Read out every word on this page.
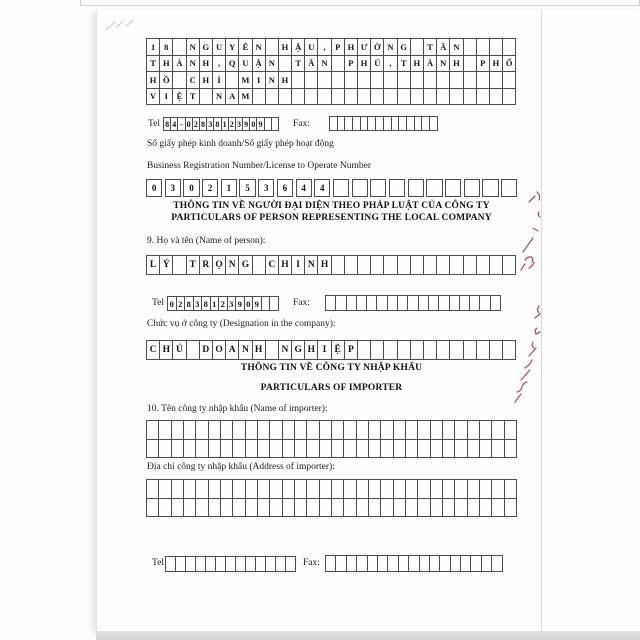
1	8	N G U Y Ê N	H Ậ U	,	P H Ư Ờ N G	T Â N
T H À N H	,	Q U Ậ N	T Â N	P H Ú	,	T H À N H	P H Ố
H Ồ	C H Í	M I N H
V I	Ệ T	N A M
Tel 8 4 - 0 2 8 3 8 1 2 3 9 0 9	Fax:
Số giấy phép kinh doanh/Số giấy phép hoạt động
Business Registration Number/License to Operate Number
0	3	0	2	1	5	3	6	4	4
THÔNG TIN VỀ NGƯỜI ĐẠI DIỆN THEO PHÁP LUẬT CỦA CÔNG TY
PARTICULARS OF PERSON REPRESENTING THE LOCAL COMPANY
9. Họ và tên (Name of person):
L Ý	T R Ọ N G	C H I N H
Tel 0 2 8 3 8 1 2 3 9 0 9	Fax:
Chức vụ ở công ty (Designation in the company):
C H Ủ	D O A N H	N G H I Ệ P
THÔNG TIN VỀ CÔNG TY NHẬP KHẨU
PARTICULARS OF IMPORTER
10. Tên công ty nhập khẩu (Name of importer):
Địa chỉ công ty nhập khẩu (Address of importer):
Tel	Fax:
